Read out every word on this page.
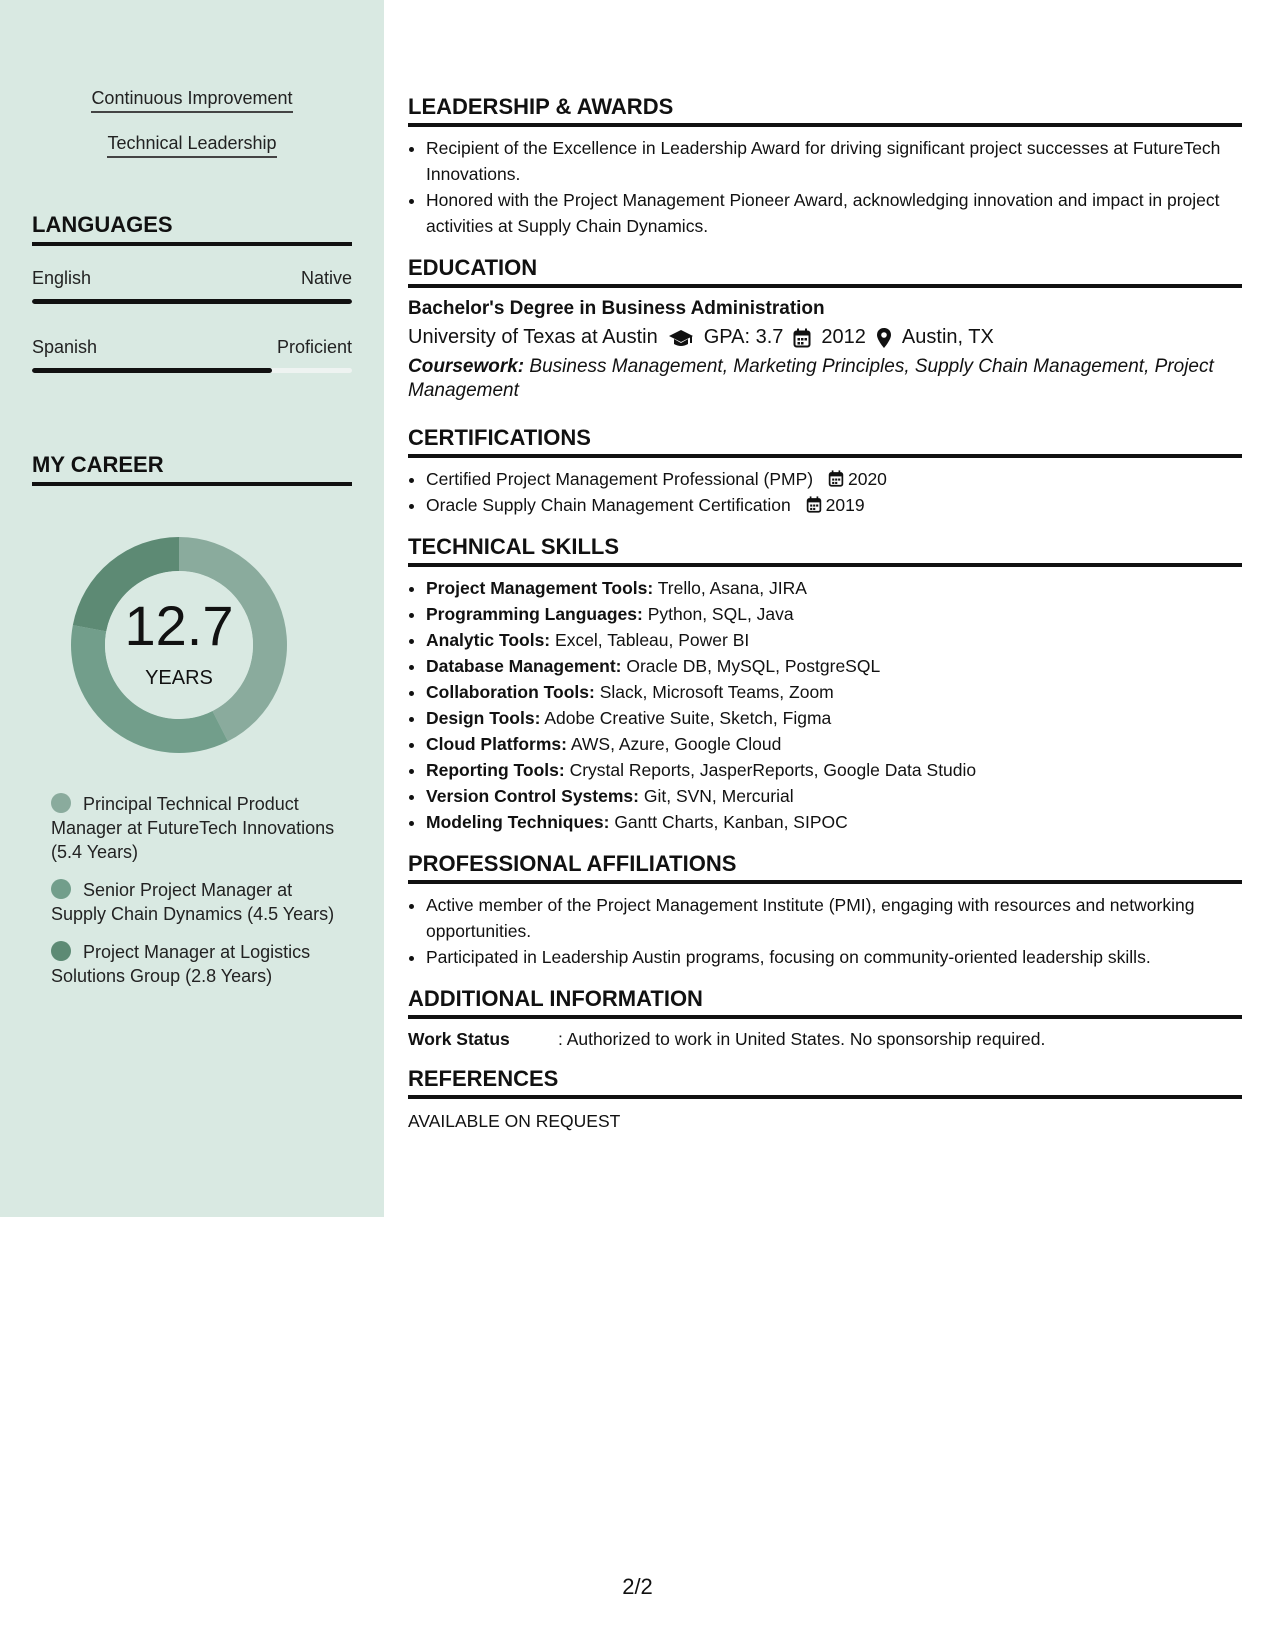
Continuous Improvement
Technical Leadership
LANGUAGES
English	Native
Spanish	Proficient
MY CAREER
12.7
YEARS
Principal Technical Product Manager at FutureTech Innovations (5.4 Years)
Senior Project Manager at Supply Chain Dynamics (4.5 Years)
Project Manager at Logistics Solutions Group (2.8 Years)
LEADERSHIP & AWARDS
• Recipient of the Excellence in Leadership Award for driving significant project successes at FutureTech Innovations.
• Honored with the Project Management Pioneer Award, acknowledging innovation and impact in project activities at Supply Chain Dynamics.
EDUCATION
Bachelor's Degree in Business Administration
University of Texas at Austin GPA: 3.7 2012 Austin, TX
Coursework: Business Management, Marketing Principles, Supply Chain Management, Project Management
CERTIFICATIONS
• Certified Project Management Professional (PMP) 2020
• Oracle Supply Chain Management Certification 2019
TECHNICAL SKILLS
• Project Management Tools: Trello, Asana, JIRA
• Programming Languages: Python, SQL, Java
• Analytic Tools: Excel, Tableau, Power BI
• Database Management: Oracle DB, MySQL, PostgreSQL
• Collaboration Tools: Slack, Microsoft Teams, Zoom
• Design Tools: Adobe Creative Suite, Sketch, Figma
• Cloud Platforms: AWS, Azure, Google Cloud
• Reporting Tools: Crystal Reports, JasperReports, Google Data Studio
• Version Control Systems: Git, SVN, Mercurial
• Modeling Techniques: Gantt Charts, Kanban, SIPOC
PROFESSIONAL AFFILIATIONS
• Active member of the Project Management Institute (PMI), engaging with resources and networking opportunities.
• Participated in Leadership Austin programs, focusing on community-oriented leadership skills.
ADDITIONAL INFORMATION
Work Status	: Authorized to work in United States. No sponsorship required.
REFERENCES
AVAILABLE ON REQUEST
2/2
